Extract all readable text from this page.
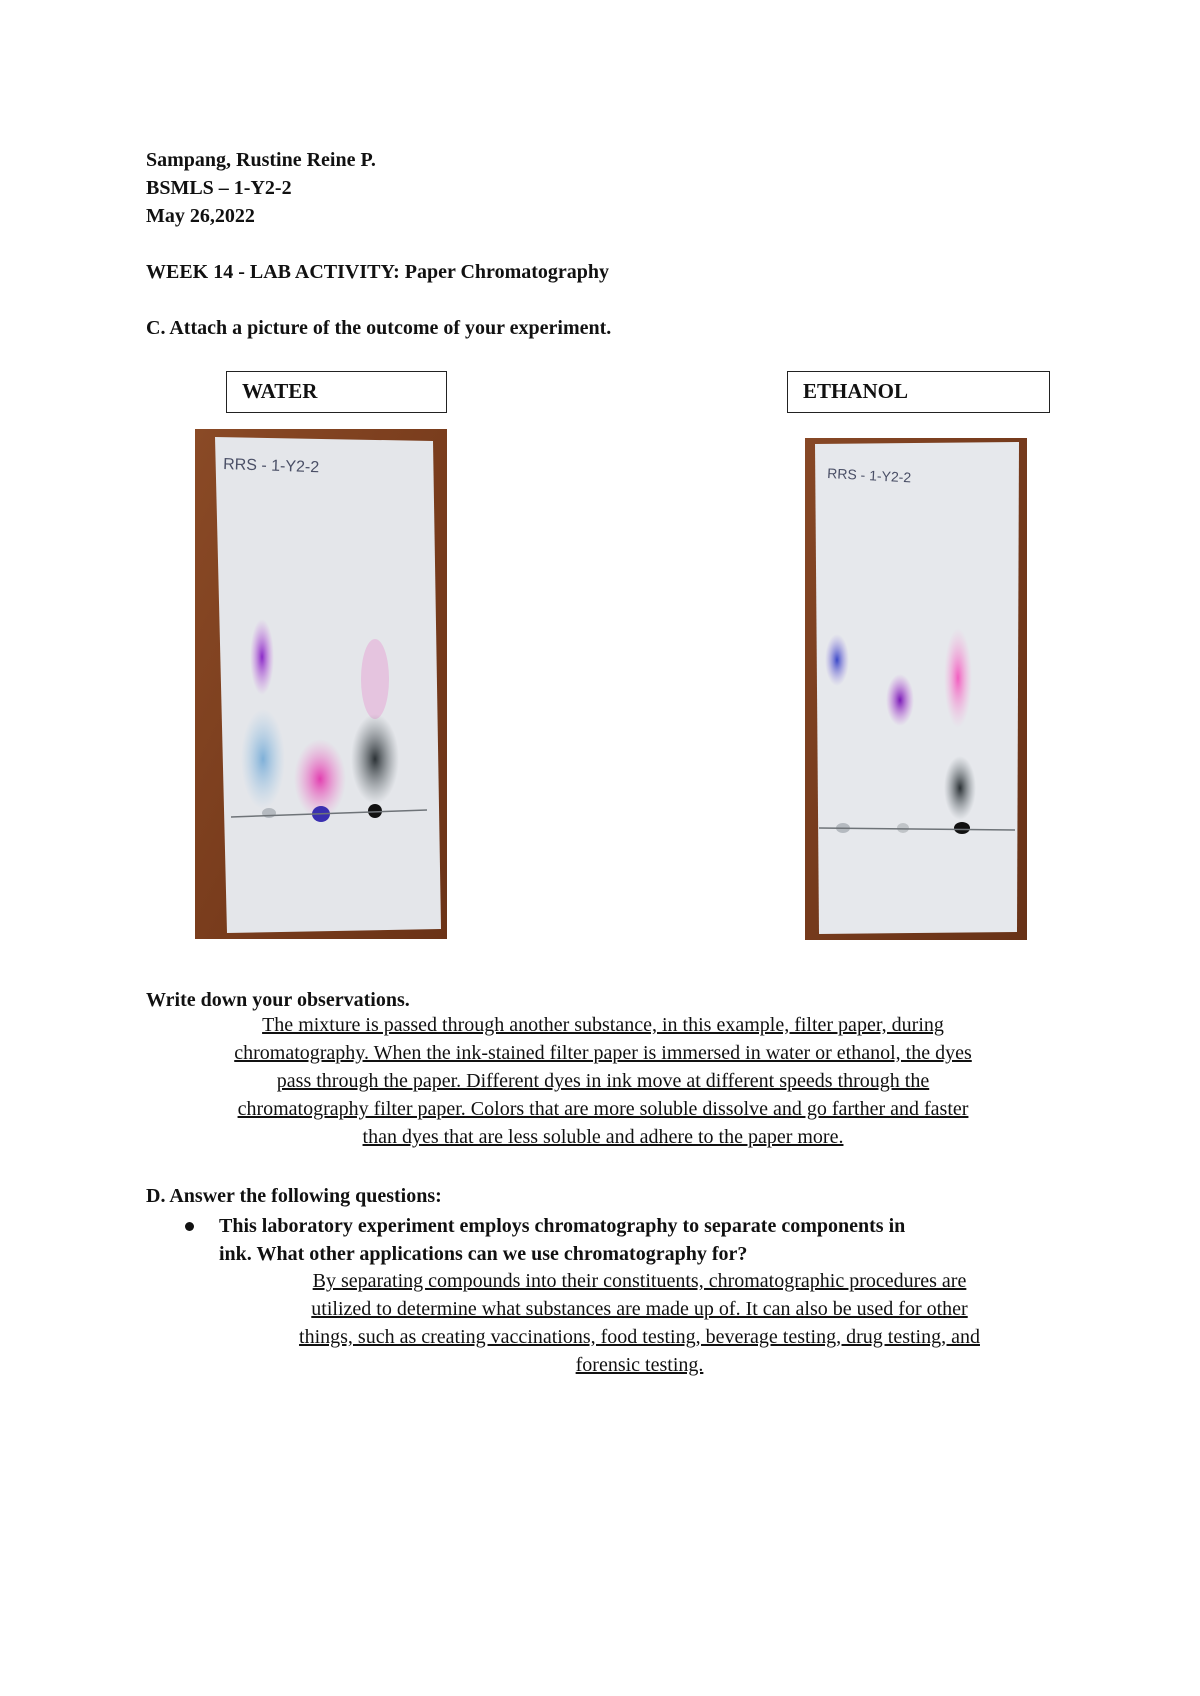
Sampang, Rustine Reine P.
BSMLS – 1-Y2-2
May 26,2022
WEEK 14 - LAB ACTIVITY: Paper Chromatography
C. Attach a picture of the outcome of your experiment.
WATER	ETHANOL
RRS - 1-Y2-2	RRS - 1-Y2-2
Write down your observations.
The mixture is passed through another substance, in this example, filter paper, during
chromatography. When the ink-stained filter paper is immersed in water or ethanol, the dyes
pass through the paper. Different dyes in ink move at different speeds through the
chromatography filter paper. Colors that are more soluble dissolve and go farther and faster
than dyes that are less soluble and adhere to the paper more.
D. Answer the following questions:
This laboratory experiment employs chromatography to separate components in
ink. What other applications can we use chromatography for?
By separating compounds into their constituents, chromatographic procedures are
utilized to determine what substances are made up of. It can also be used for other
things, such as creating vaccinations, food testing, beverage testing, drug testing, and
forensic testing.
